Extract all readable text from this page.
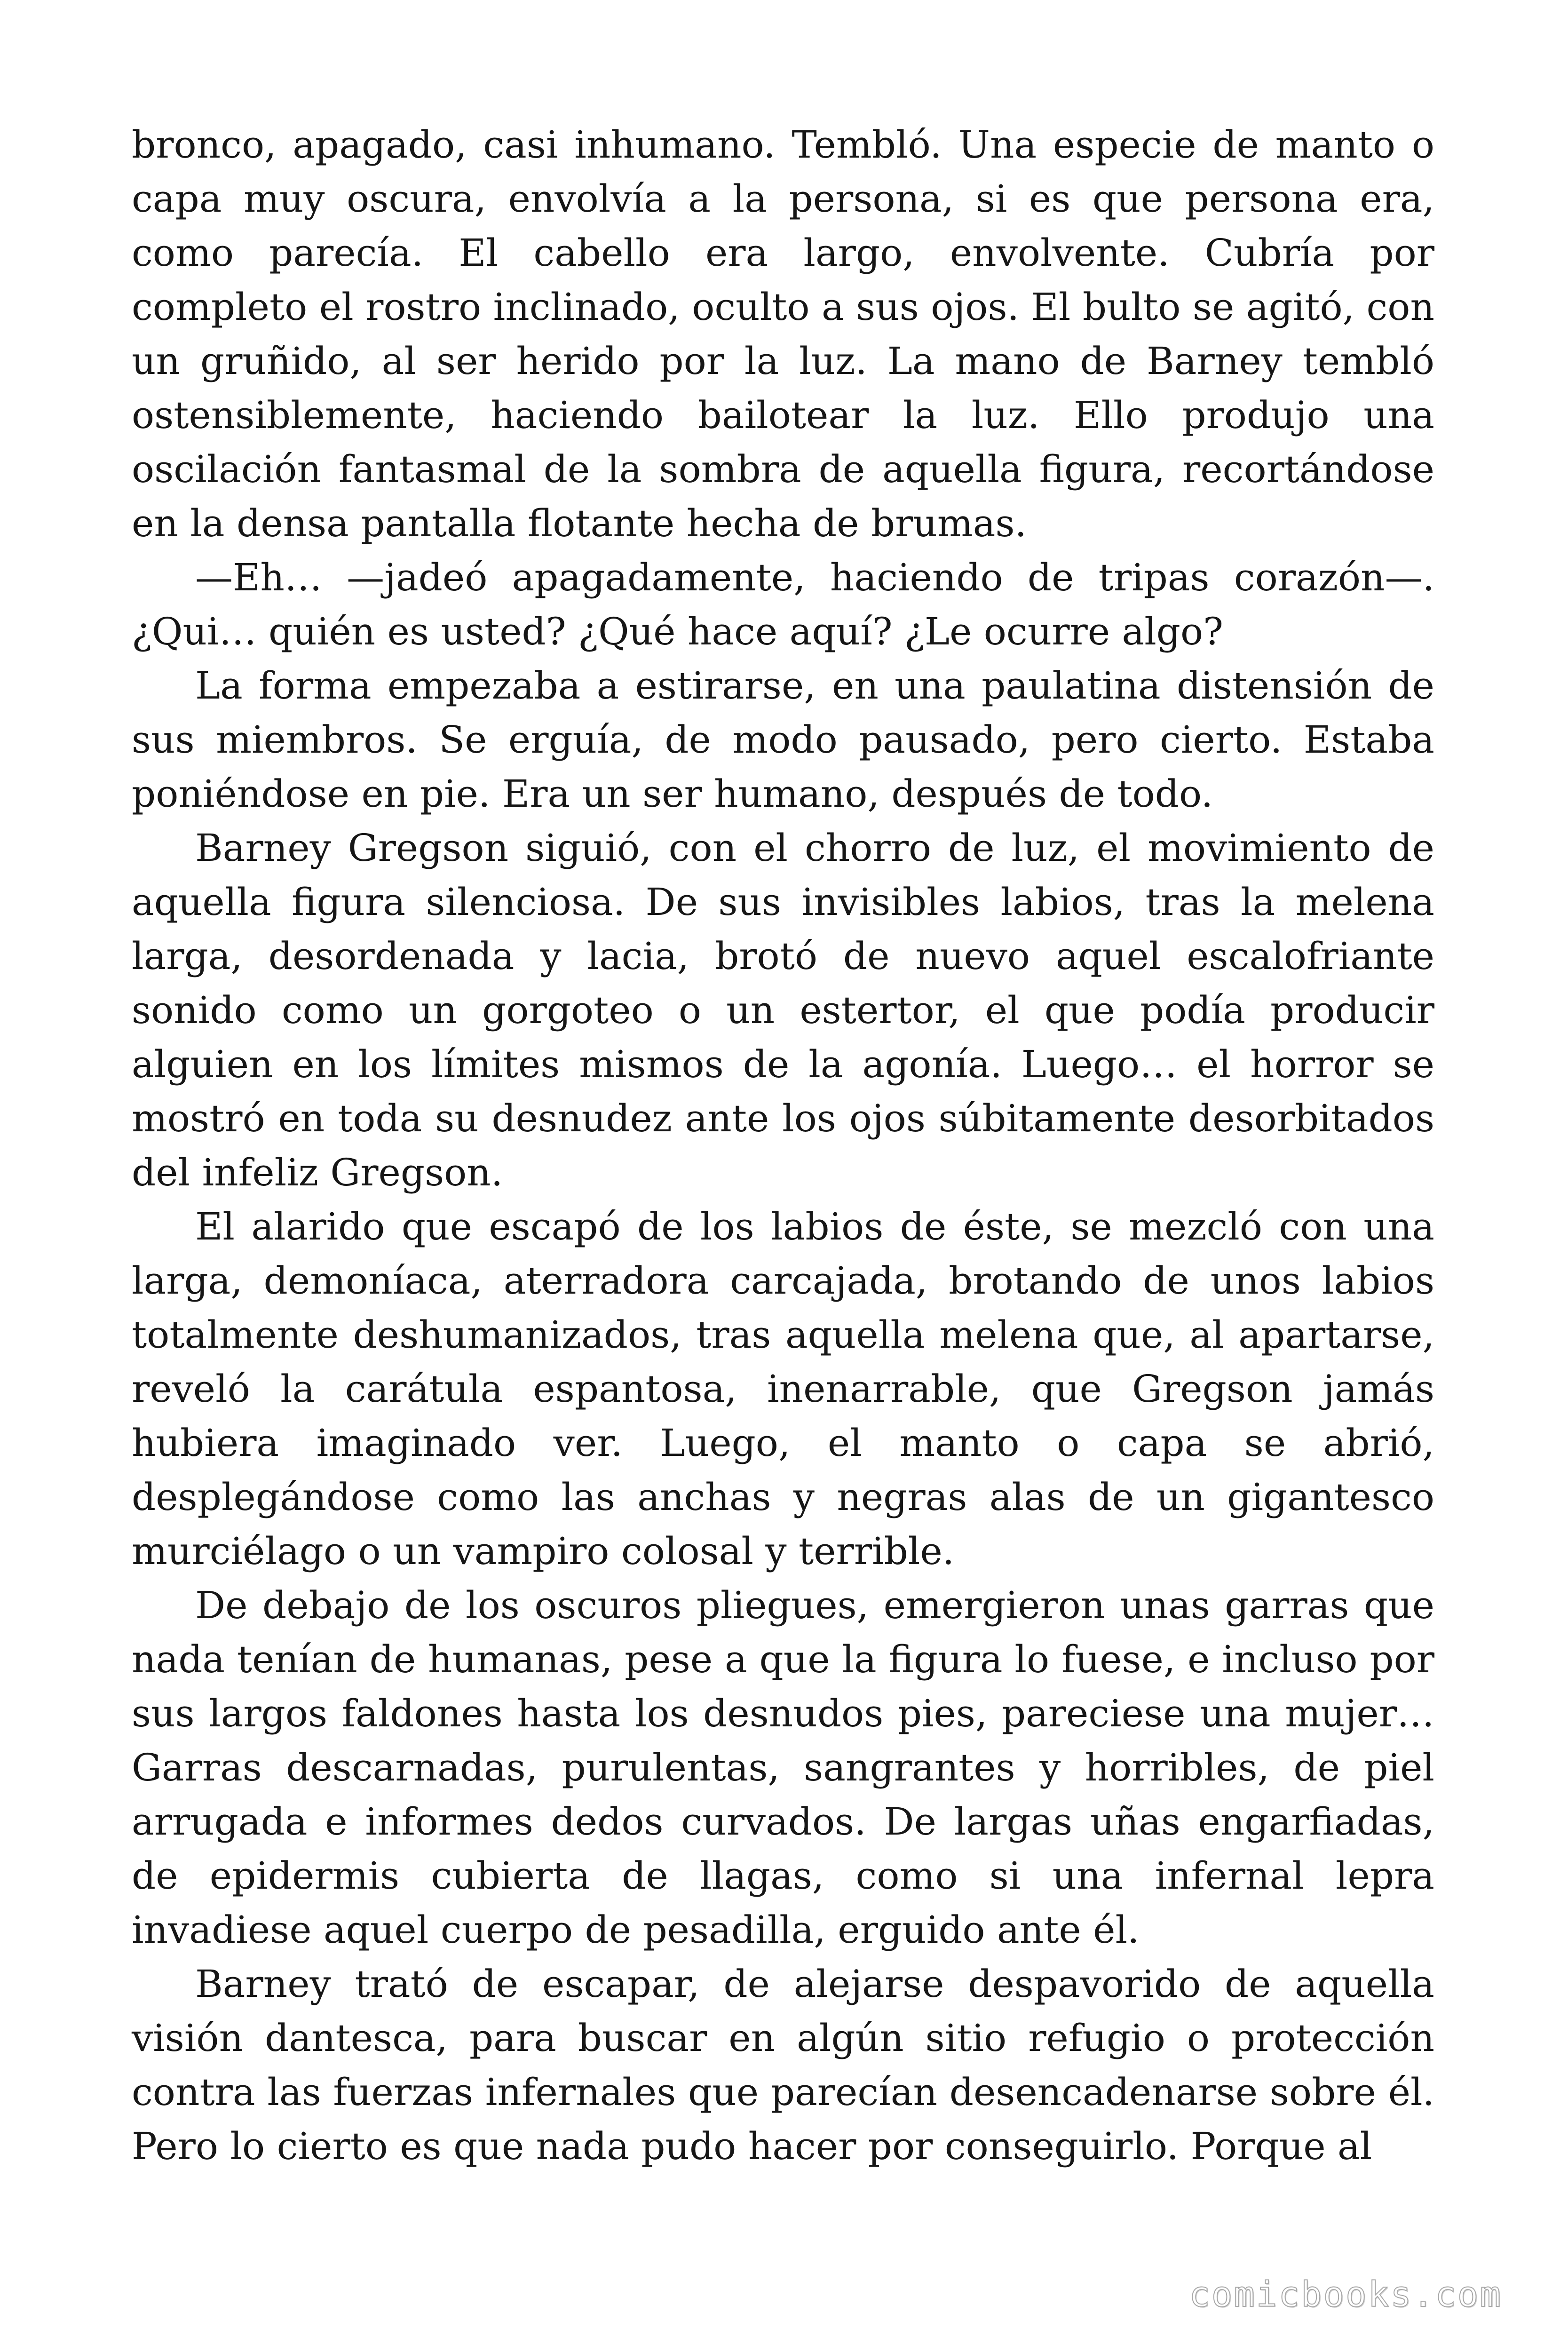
bronco, apagado, casi inhumano. Tembló. Una especie de manto o capa muy oscura, envolvía a la persona, si es que persona era, como parecía. El cabello era largo, envolvente. Cubría por completo el rostro inclinado, oculto a sus ojos. El bulto se agitó, con un gruñido, al ser herido por la luz. La mano de Barney tembló ostensiblemente, haciendo bailotear la luz. Ello produjo una oscilación fantasmal de la sombra de aquella figura, recortándose en la densa pantalla flotante hecha de brumas.

—Eh… —jadeó apagadamente, haciendo de tripas corazón—. ¿Qui… quién es usted? ¿Qué hace aquí? ¿Le ocurre algo?

La forma empezaba a estirarse, en una paulatina distensión de sus miembros. Se erguía, de modo pausado, pero cierto. Estaba poniéndose en pie. Era un ser humano, después de todo.

Barney Gregson siguió, con el chorro de luz, el movimiento de aquella figura silenciosa. De sus invisibles labios, tras la melena larga, desordenada y lacia, brotó de nuevo aquel escalofriante sonido como un gorgoteo o un estertor, el que podía producir alguien en los límites mismos de la agonía. Luego… el horror se mostró en toda su desnudez ante los ojos súbitamente desorbitados del infeliz Gregson.

El alarido que escapó de los labios de éste, se mezcló con una larga, demoníaca, aterradora carcajada, brotando de unos labios totalmente deshumanizados, tras aquella melena que, al apartarse, reveló la carátula espantosa, inenarrable, que Gregson jamás hubiera imaginado ver. Luego, el manto o capa se abrió, desplegándose como las anchas y negras alas de un gigantesco murciélago o un vampiro colosal y terrible.

De debajo de los oscuros pliegues, emergieron unas garras que nada tenían de humanas, pese a que la figura lo fuese, e incluso por sus largos faldones hasta los desnudos pies, pareciese una mujer… Garras descarnadas, purulentas, sangrantes y horribles, de piel arrugada e informes dedos curvados. De largas uñas engarfiadas, de epidermis cubierta de llagas, como si una infernal lepra invadiese aquel cuerpo de pesadilla, erguido ante él.

Barney trató de escapar, de alejarse despavorido de aquella visión dantesca, para buscar en algún sitio refugio o protección contra las fuerzas infernales que parecían desencadenarse sobre él. Pero lo cierto es que nada pudo hacer por conseguirlo. Porque al

comicbooks.com
